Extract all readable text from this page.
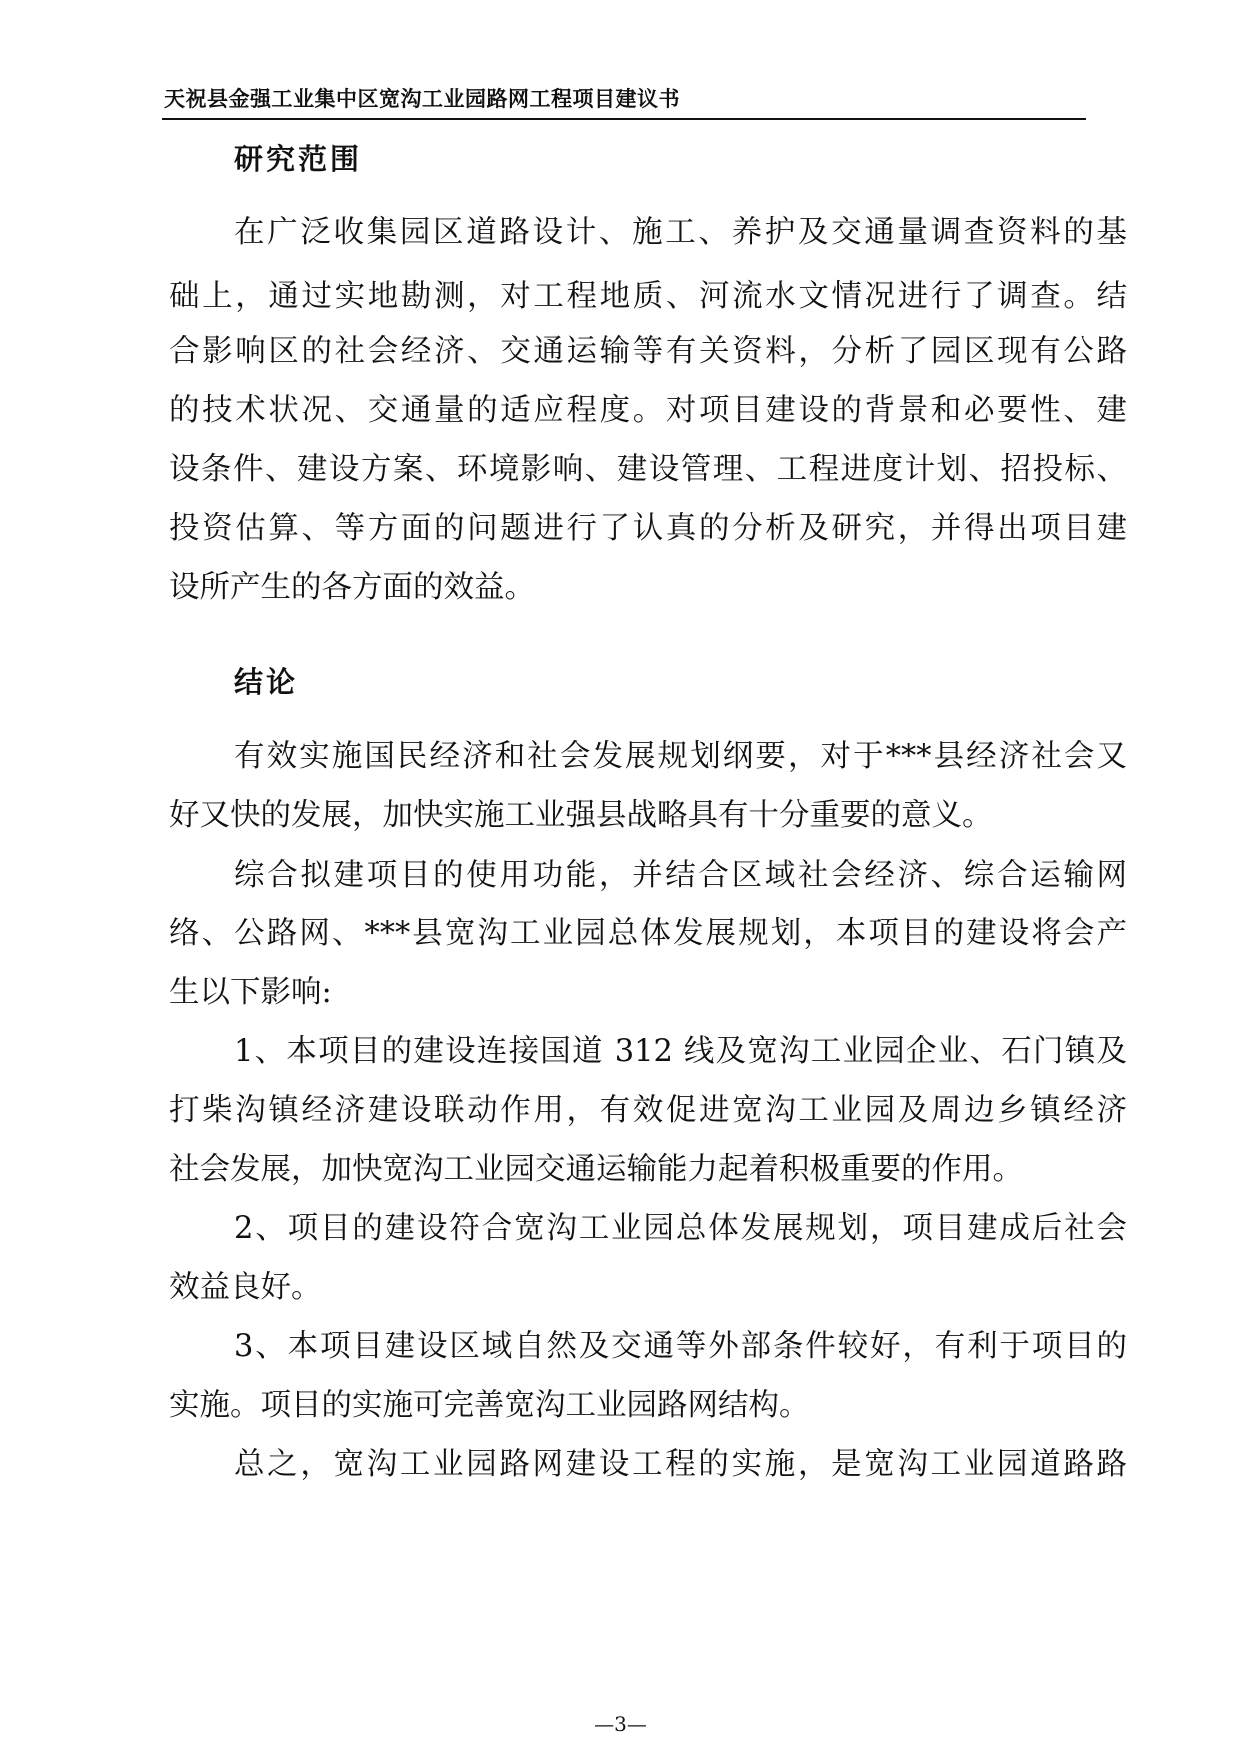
天祝县金强工业集中区宽沟工业园路网工程项目建议书
研究范围
在广泛收集园区道路设计、施工、养护及交通量调查资料的基
础上，通过实地勘测，对工程地质、河流水文情况进行了调查。结
合影响区的社会经济、交通运输等有关资料，分析了园区现有公路
的技术状况、交通量的适应程度。对项目建设的背景和必要性、建
设条件、建设方案、环境影响、建设管理、工程进度计划、招投标、
投资估算、等方面的问题进行了认真的分析及研究，并得出项目建
设所产生的各方面的效益。
结论
有效实施国民经济和社会发展规划纲要，对于***县经济社会又
好又快的发展，加快实施工业强县战略具有十分重要的意义。
综合拟建项目的使用功能，并结合区域社会经济、综合运输网
络、公路网、***县宽沟工业园总体发展规划，本项目的建设将会产
生以下影响:
1、本项目的建设连接国道 312 线及宽沟工业园企业、石门镇及
打柴沟镇经济建设联动作用，有效促进宽沟工业园及周边乡镇经济
社会发展，加快宽沟工业园交通运输能力起着积极重要的作用。
2、项目的建设符合宽沟工业园总体发展规划，项目建成后社会
效益良好。
3、本项目建设区域自然及交通等外部条件较好，有利于项目的
实施。项目的实施可完善宽沟工业园路网结构。
总之，宽沟工业园路网建设工程的实施，是宽沟工业园道路路
—3—
